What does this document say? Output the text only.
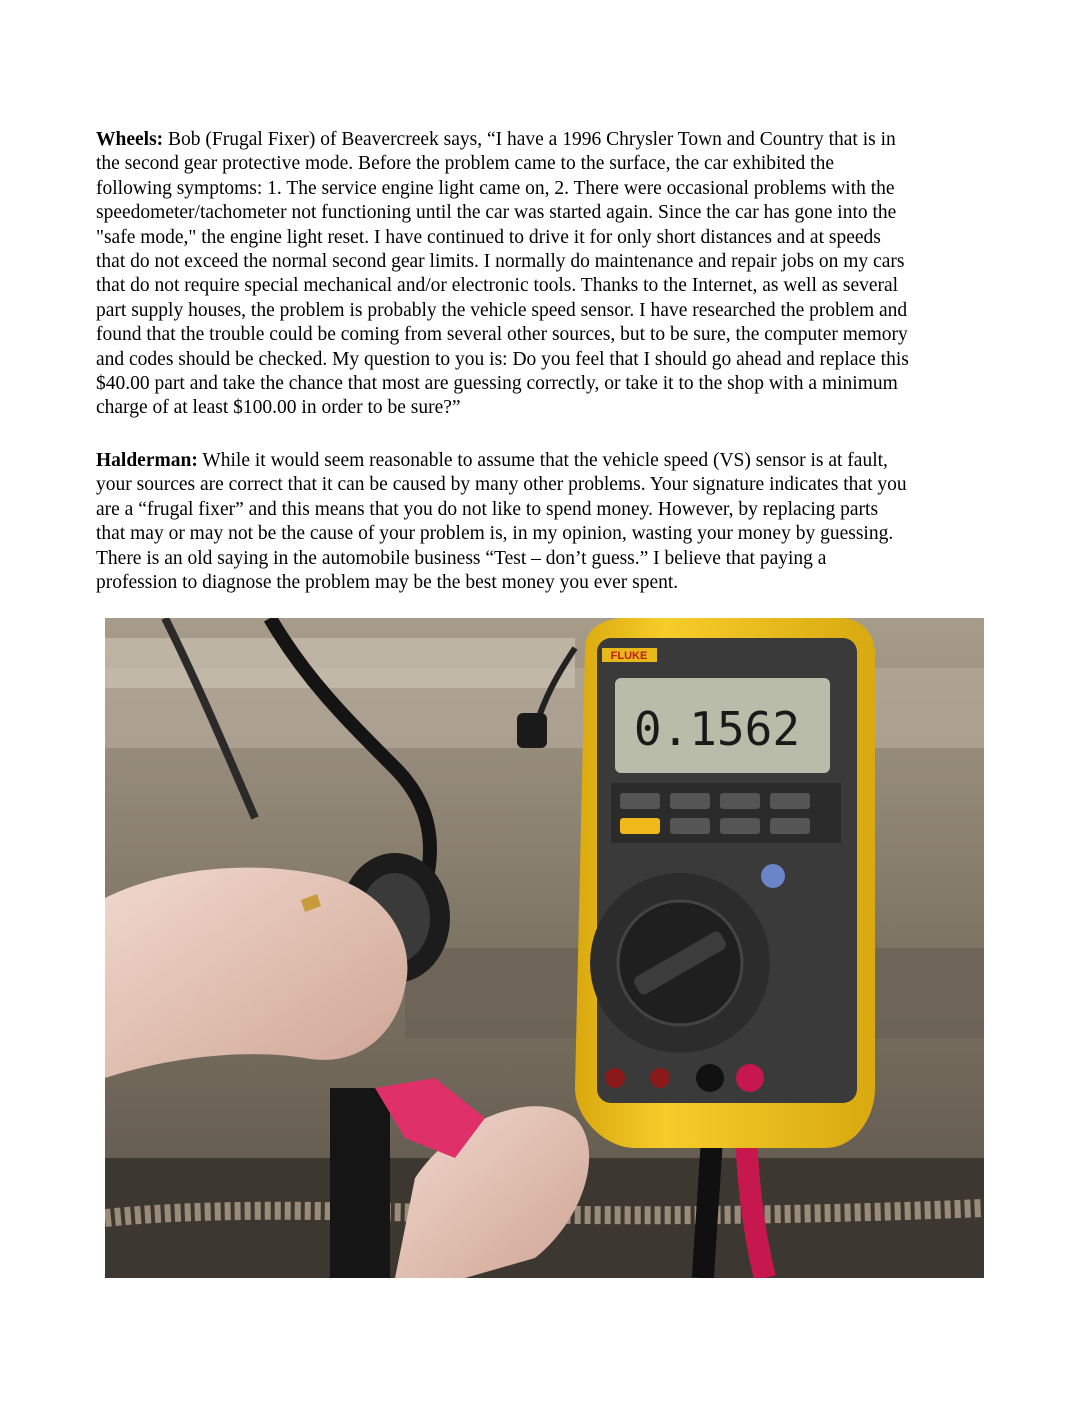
Wheels: Bob (Frugal Fixer) of Beavercreek says, “I have a 1996 Chrysler Town and Country that is in
the second gear protective mode. Before the problem came to the surface, the car exhibited the
following symptoms: 1. The service engine light came on, 2. There were occasional problems with the
speedometer/tachometer not functioning until the car was started again. Since the car has gone into the
"safe mode," the engine light reset. I have continued to drive it for only short distances and at speeds
that do not exceed the normal second gear limits. I normally do maintenance and repair jobs on my cars
that do not require special mechanical and/or electronic tools. Thanks to the Internet, as well as several
part supply houses, the problem is probably the vehicle speed sensor. I have researched the problem and
found that the trouble could be coming from several other sources, but to be sure, the computer memory
and codes should be checked. My question to you is: Do you feel that I should go ahead and replace this
$40.00 part and take the chance that most are guessing correctly, or take it to the shop with a minimum
charge of at least $100.00 in order to be sure?”
Halderman: While it would seem reasonable to assume that the vehicle speed (VS) sensor is at fault,
your sources are correct that it can be caused by many other problems. Your signature indicates that you
are a “frugal fixer” and this means that you do not like to spend money. However, by replacing parts
that may or may not be the cause of your problem is, in my opinion, wasting your money by guessing.
There is an old saying in the automobile business “Test – don’t guess.” I believe that paying a
profession to diagnose the problem may be the best money you ever spent.
FLUKE
0.1562
